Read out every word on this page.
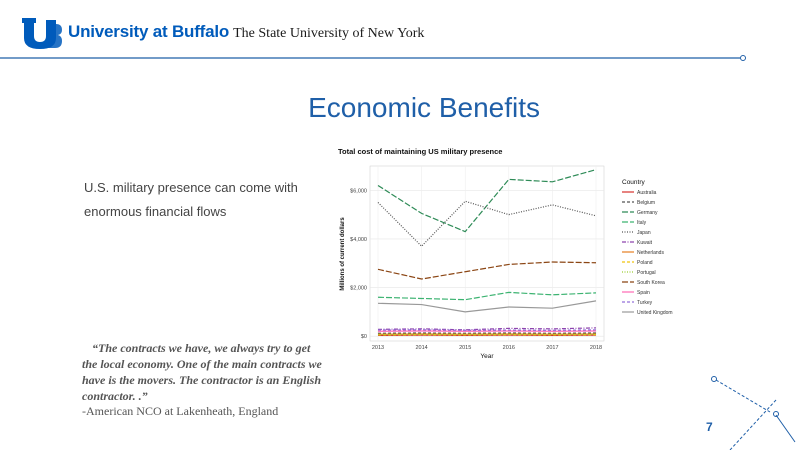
University at Buffalo The State University of New York
Economic Benefits
U.S. military presence can come with enormous financial flows
“The contracts we have, we always try to get the local economy. One of the main contracts we have is the movers. The contractor is an English contractor. .”
-American NCO at Lakenheath, England
7
Total cost of maintaining US military presence
$0
$2,000
$4,000
$6,000
2013	2014	2015	2016	2017	2018
Year
Millions of current dollars
Country
Australia
Belgium
Germany
Italy
Japan
Kuwait
Netherlands
Poland
Portugal
South Korea
Spain
Turkey
United Kingdom
